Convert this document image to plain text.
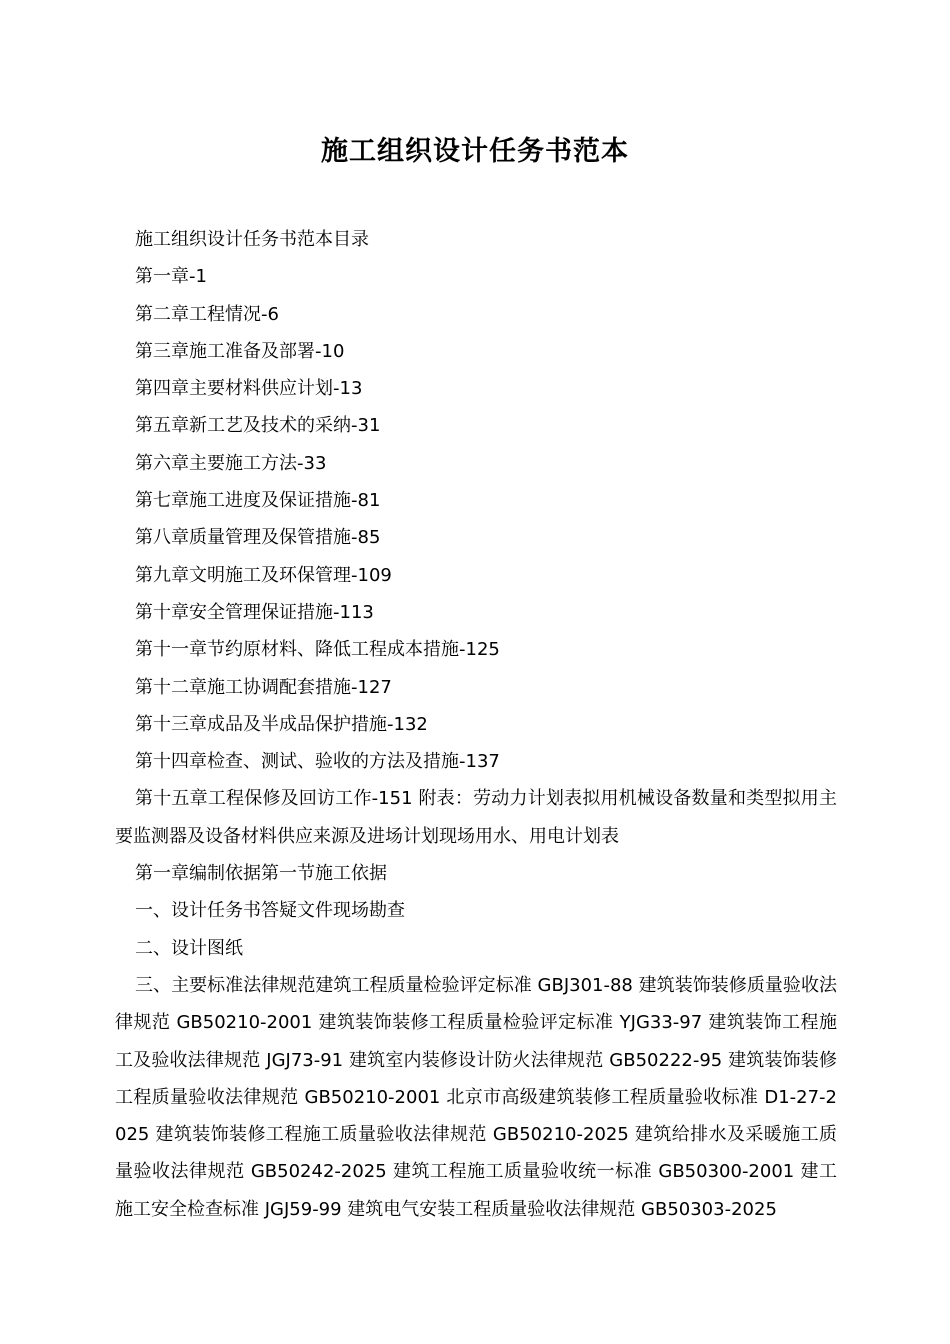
施工组织设计任务书范本
施工组织设计任务书范本目录
第一章-1
第二章工程情况-6
第三章施工准备及部署-10
第四章主要材料供应计划-13
第五章新工艺及技术的采纳-31
第六章主要施工方法-33
第七章施工进度及保证措施-81
第八章质量管理及保管措施-85
第九章文明施工及环保管理-109
第十章安全管理保证措施-113
第十一章节约原材料、降低工程成本措施-125
第十二章施工协调配套措施-127
第十三章成品及半成品保护措施-132
第十四章检查、测试、验收的方法及措施-137
第十五章工程保修及回访工作-151 附表：劳动力计划表拟用机械设备数量和类型拟用主要监测器及设备材料供应来源及进场计划现场用水、用电计划表
第一章编制依据第一节施工依据
一、设计任务书答疑文件现场勘查
二、设计图纸
三、主要标准法律规范建筑工程质量检验评定标准 GBJ301-88 建筑装饰装修质量验收法律规范 GB50210-2001 建筑装饰装修工程质量检验评定标准 YJG33-97 建筑装饰工程施工及验收法律规范 JGJ73-91 建筑室内装修设计防火法律规范 GB50222-95 建筑装饰装修工程质量验收法律规范 GB50210-2001 北京市高级建筑装修工程质量验收标准 D1-27-2025 建筑装饰装修工程施工质量验收法律规范 GB50210-2025 建筑给排水及采暖施工质量验收法律规范 GB50242-2025 建筑工程施工质量验收统一标准 GB50300-2001 建工施工安全检查标准 JGJ59-99 建筑电气安装工程质量验收法律规范 GB50303-2025
